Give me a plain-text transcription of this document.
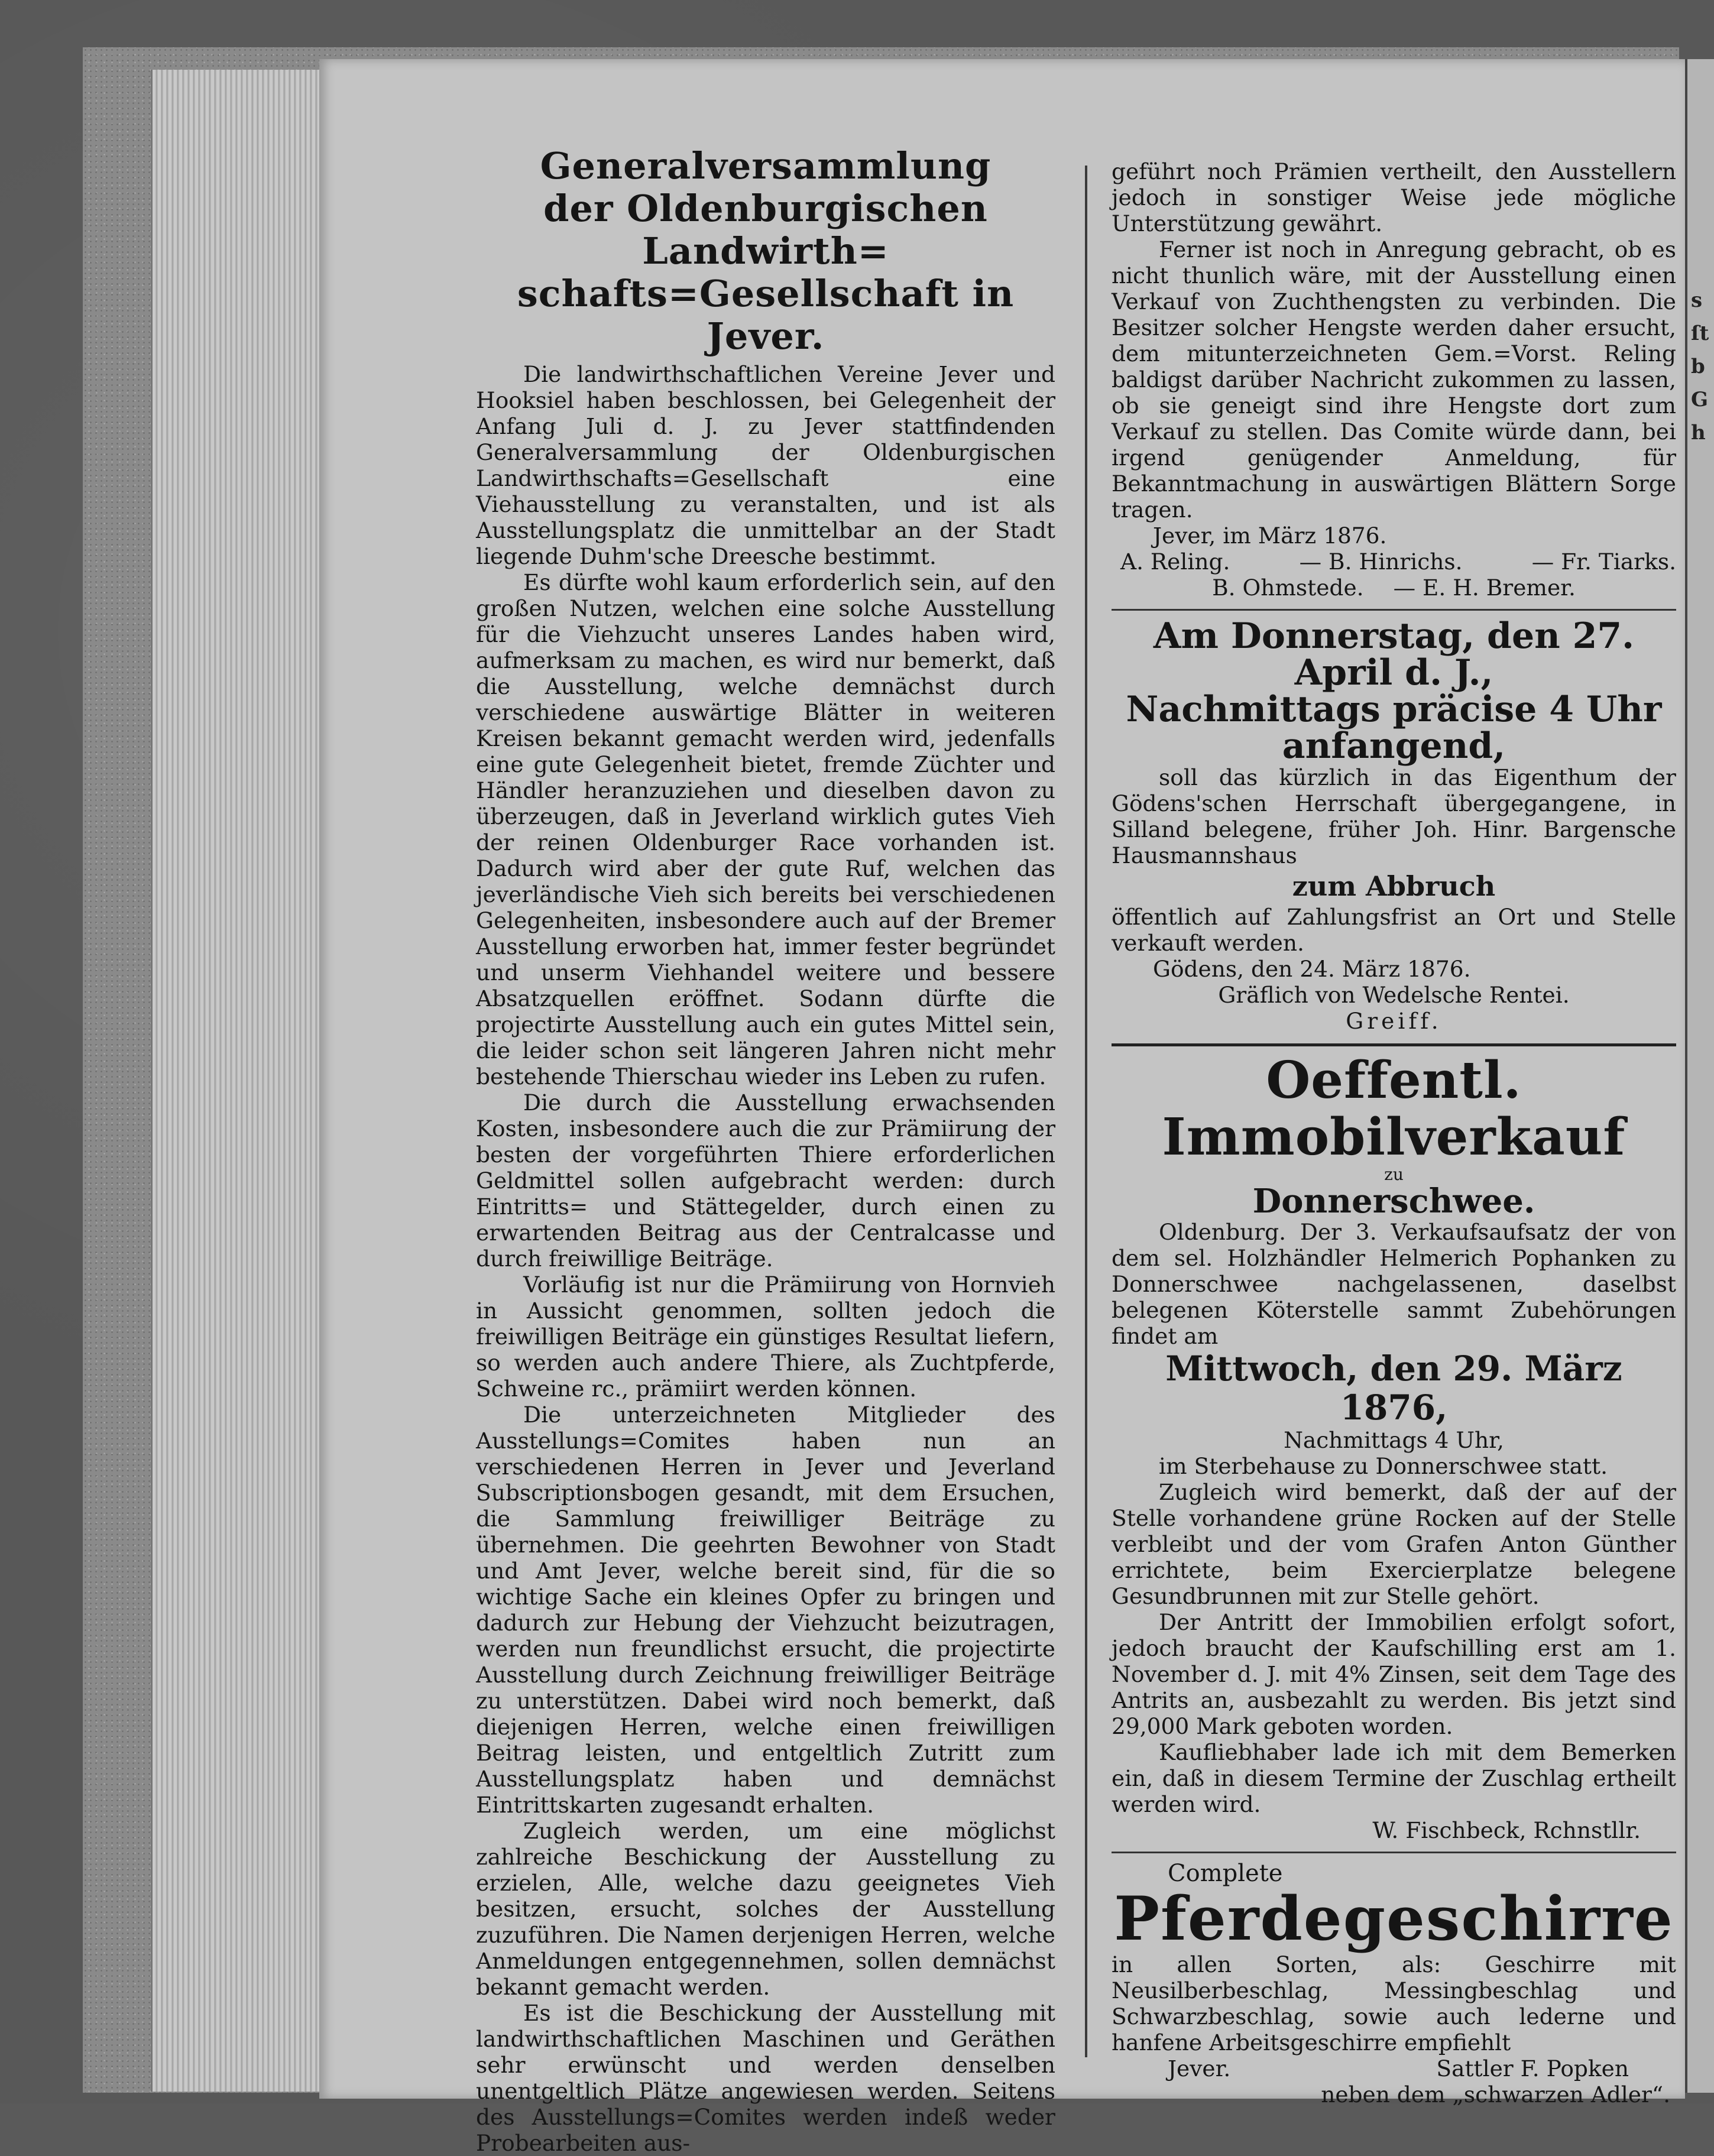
s
ſt
b
G
h
Generalversammlung
der Oldenburgischen Landwirth=
schafts=Gesellschaft in Jever.

Die landwirthschaftlichen Vereine Jever und Hooksiel haben beschlossen, bei Gelegenheit der Anfang Juli d. J. zu Jever stattfindenden Generalversammlung der Oldenburgischen Landwirthschafts=Gesellschaft eine Viehausstellung zu veranstalten, und ist als Ausstellungsplatz die unmittelbar an der Stadt liegende Duhm'sche Dreesche bestimmt.

Es dürfte wohl kaum erforderlich sein, auf den großen Nutzen, welchen eine solche Ausstellung für die Viehzucht unseres Landes haben wird, aufmerksam zu machen, es wird nur bemerkt, daß die Ausstellung, welche demnächst durch verschiedene auswärtige Blätter in weiteren Kreisen bekannt gemacht werden wird, jedenfalls eine gute Gelegenheit bietet, fremde Züchter und Händler heranzuziehen und dieselben davon zu überzeugen, daß in Jeverland wirklich gutes Vieh der reinen Oldenburger Race vorhanden ist. Dadurch wird aber der gute Ruf, welchen das jeverländische Vieh sich bereits bei verschiedenen Gelegenheiten, insbesondere auch auf der Bremer Ausstellung erworben hat, immer fester begründet und unserm Viehhandel weitere und bessere Absatzquellen eröffnet. Sodann dürfte die projectirte Ausstellung auch ein gutes Mittel sein, die leider schon seit längeren Jahren nicht mehr bestehende Thierschau wieder ins Leben zu rufen.

Die durch die Ausstellung erwachsenden Kosten, insbesondere auch die zur Prämiirung der besten der vorgeführten Thiere erforderlichen Geldmittel sollen aufgebracht werden: durch Eintritts= und Stättegelder, durch einen zu erwartenden Beitrag aus der Centralcasse und durch freiwillige Beiträge.

Vorläufig ist nur die Prämiirung von Hornvieh in Aussicht genommen, sollten jedoch die freiwilligen Beiträge ein günstiges Resultat liefern, so werden auch andere Thiere, als Zuchtpferde, Schweine rc., prämiirt werden können.

Die unterzeichneten Mitglieder des Ausstellungs=Comites haben nun an verschiedenen Herren in Jever und Jeverland Subscriptionsbogen gesandt, mit dem Ersuchen, die Sammlung freiwilliger Beiträge zu übernehmen. Die geehrten Bewohner von Stadt und Amt Jever, welche bereit sind, für die so wichtige Sache ein kleines Opfer zu bringen und dadurch zur Hebung der Viehzucht beizutragen, werden nun freundlichst ersucht, die projectirte Ausstellung durch Zeichnung freiwilliger Beiträge zu unterstützen. Dabei wird noch bemerkt, daß diejenigen Herren, welche einen freiwilligen Beitrag leisten, und entgeltlich Zutritt zum Ausstellungsplatz haben und demnächst Eintrittskarten zugesandt erhalten.

Zugleich werden, um eine möglichst zahlreiche Beschickung der Ausstellung zu erzielen, Alle, welche dazu geeignetes Vieh besitzen, ersucht, solches der Ausstellung zuzuführen. Die Namen derjenigen Herren, welche Anmeldungen entgegennehmen, sollen demnächst bekannt gemacht werden.

Es ist die Beschickung der Ausstellung mit landwirthschaftlichen Maschinen und Geräthen sehr erwünscht und werden denselben unentgeltlich Plätze angewiesen werden. Seitens des Ausstellungs=Comites werden indeß weder Probearbeiten aus-

geführt noch Prämien vertheilt, den Ausstellern jedoch in sonstiger Weise jede mögliche Unterstützung gewährt.

Ferner ist noch in Anregung gebracht, ob es nicht thunlich wäre, mit der Ausstellung einen Verkauf von Zuchthengsten zu verbinden. Die Besitzer solcher Hengste werden daher ersucht, dem mitunterzeichneten Gem.=Vorst. Reling baldigst darüber Nachricht zukommen zu lassen, ob sie geneigt sind ihre Hengste dort zum Verkauf zu stellen. Das Comite würde dann, bei irgend genügender Anmeldung, für Bekanntmachung in auswärtigen Blättern Sorge tragen.

Jever, im März 1876.

A. Reling.	— B. Hinrichs.	— Fr. Tiarks.
B. Ohmstede. — E. H. Bremer.
Am Donnerstag, den 27. April d. J.,
Nachmittags präcise 4 Uhr
anfangend,

soll das kürzlich in das Eigenthum der Gödens'schen Herrschaft übergegangene, in Silland belegene, früher Joh. Hinr. Bargensche Hausmannshaus

zum Abbruch

öffentlich auf Zahlungsfrist an Ort und Stelle verkauft werden.

Gödens, den 24. März 1876.

Gräflich von Wedelsche Rentei.

Greiff.

Oeffentl. Immobilverkauf
zu
Donnerschwee.

Oldenburg. Der 3. Verkaufsaufsatz der von dem sel. Holzhändler Helmerich Pophanken zu Donnerschwee nachgelassenen, daselbst belegenen Köterstelle sammt Zubehörungen findet am

Mittwoch, den 29. März 1876,

Nachmittags 4 Uhr,

im Sterbehause zu Donnerschwee statt.

Zugleich wird bemerkt, daß der auf der Stelle vorhandene grüne Rocken auf der Stelle verbleibt und der vom Grafen Anton Günther errichtete, beim Exercierplatze belegene Gesundbrunnen mit zur Stelle gehört.

Der Antritt der Immobilien erfolgt sofort, jedoch braucht der Kaufschilling erst am 1. November d. J. mit 4% Zinsen, seit dem Tage des Antrits an, ausbezahlt zu werden. Bis jetzt sind 29,000 Mark geboten worden.

Kaufliebhaber lade ich mit dem Bemerken ein, daß in diesem Termine der Zuschlag ertheilt werden wird.

W. Fischbeck, Rchnstllr.

Complete

Pferdegeschirre

in allen Sorten, als: Geschirre mit Neusilberbeschlag, Messingbeschlag und Schwarzbeschlag, sowie auch lederne und hanfene Arbeitsgeschirre empfiehlt

Jever.	Sattler F. Popken

neben dem „schwarzen Adler“.
